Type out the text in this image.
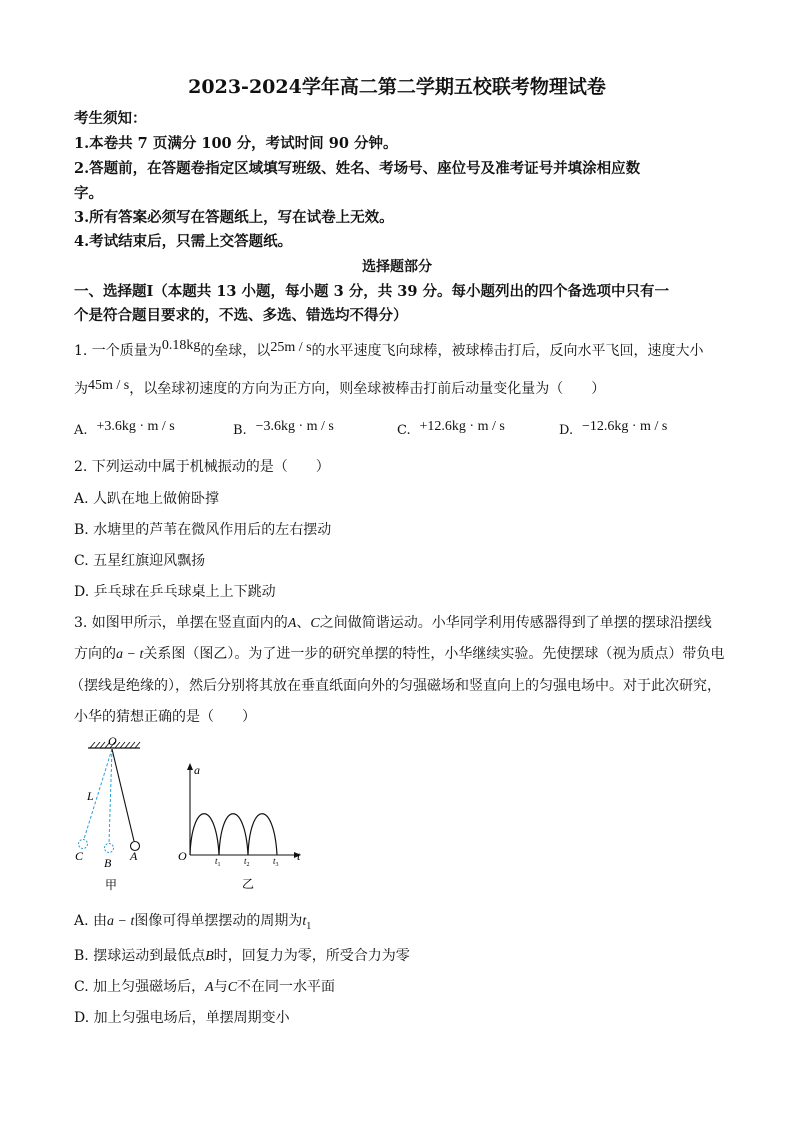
2023-2024学年高二第二学期五校联考物理试卷
考生须知：
1.本卷共 7 页满分 100 分，考试时间 90 分钟。
2.答题前，在答题卷指定区域填写班级、姓名、考场号、座位号及准考证号并填涂相应数
字。
3.所有答案必须写在答题纸上，写在试卷上无效。
4.考试结束后，只需上交答题纸。
选择题部分
一、选择题Ⅰ（本题共 13 小题，每小题 3 分，共 39 分。每小题列出的四个备选项中只有一
个是符合题目要求的，不选、多选、错选均不得分）
1. 一个质量为0.18kg的垒球，以25m / s的水平速度飞向球棒，被球棒击打后，反向水平飞回，速度大小
为45m / s，以垒球初速度的方向为正方向，则垒球被棒击打前后动量变化量为（　　）
A. +3.6kg · m / s	B. −3.6kg · m / s	C. +12.6kg · m / s	D. −12.6kg · m / s
2. 下列运动中属于机械振动的是（　　）
A. 人趴在地上做俯卧撑
B. 水塘里的芦苇在微风作用后的左右摆动
C. 五星红旗迎风飘扬
D. 乒乓球在乒乓球桌上上下跳动
3. 如图甲所示，单摆在竖直面内的A、C之间做简谐运动。小华同学利用传感器得到了单摆的摆球沿摆线
方向的a − t关系图（图乙）。为了进一步的研究单摆的特性，小华继续实验。先使摆球（视为质点）带负电
（摆线是绝缘的），然后分别将其放在垂直纸面向外的匀强磁场和竖直向上的匀强电场中。对于此次研究，
小华的猜想正确的是（　　）
O
L
C B A
甲
a
O	t
$t_1$	$t_2$	$t_3$
乙
A. 由a − t图像可得单摆摆动的周期为$t_1$
B. 摆球运动到最低点B时，回复力为零，所受合力为零
C. 加上匀强磁场后，A与C不在同一水平面
D. 加上匀强电场后，单摆周期变小
